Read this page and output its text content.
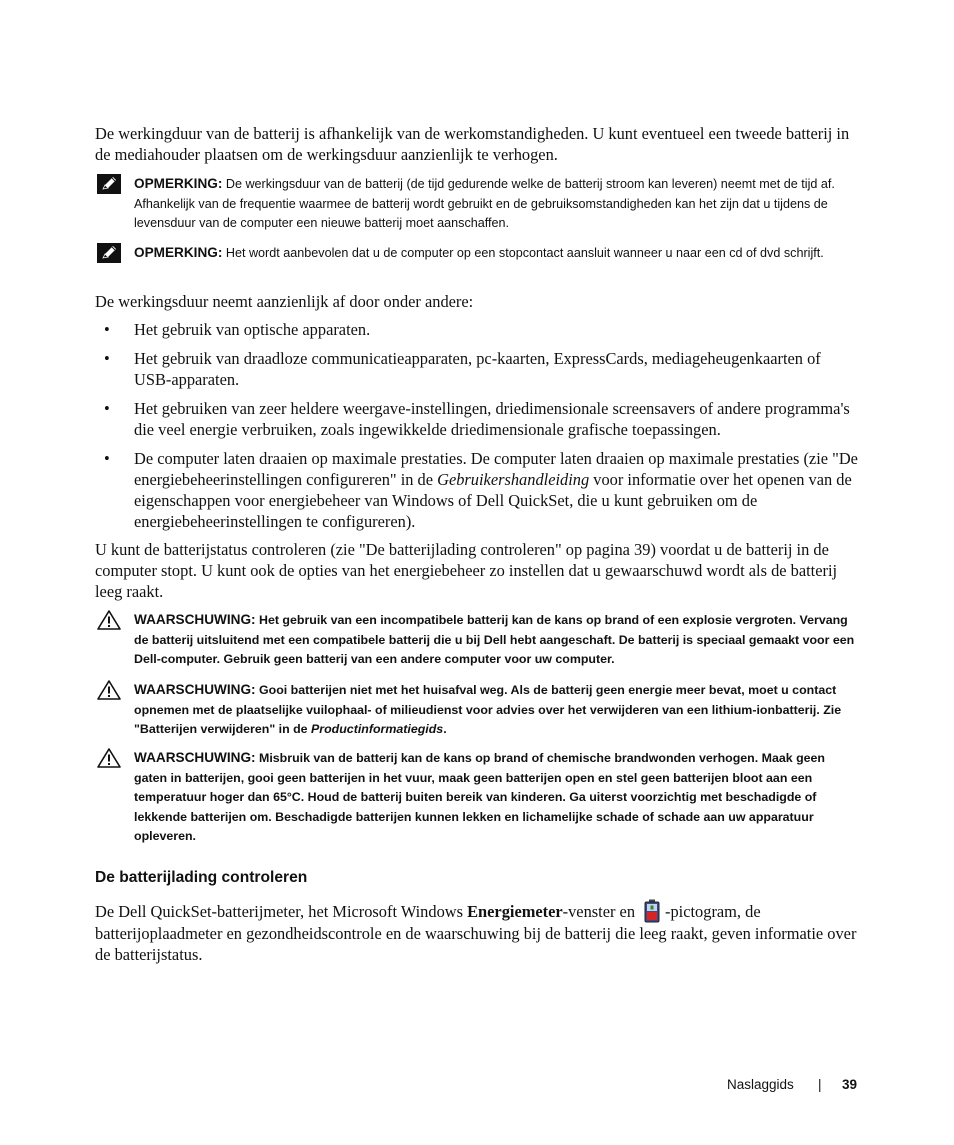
De werkingduur van de batterij is afhankelijk van de werkomstandigheden. U kunt eventueel een tweede batterij in de mediahouder plaatsen om de werkingsduur aanzienlijk te verhogen.

OPMERKING: De werkingsduur van de batterij (de tijd gedurende welke de batterij stroom kan leveren) neemt met de tijd af. Afhankelijk van de frequentie waarmee de batterij wordt gebruikt en de gebruiksomstandigheden kan het zijn dat u tijdens de levensduur van de computer een nieuwe batterij moet aanschaffen.
OPMERKING: Het wordt aanbevolen dat u de computer op een stopcontact aansluit wanneer u naar een cd of dvd schrijft.

De werkingsduur neemt aanzienlijk af door onder andere:

• Het gebruik van optische apparaten.
• Het gebruik van draadloze communicatieapparaten, pc-kaarten, ExpressCards, mediageheugenkaarten of USB-apparaten.
• Het gebruiken van zeer heldere weergave-instellingen, driedimensionale screensavers of andere programma's die veel energie verbruiken, zoals ingewikkelde driedimensionale grafische toepassingen.
• De computer laten draaien op maximale prestaties. De computer laten draaien op maximale prestaties (zie "De energiebeheerinstellingen configureren" in de Gebruikershandleiding voor informatie over het openen van de eigenschappen voor energiebeheer van Windows of Dell QuickSet, die u kunt gebruiken om de energiebeheerinstellingen te configureren).

U kunt de batterijstatus controleren (zie "De batterijlading controleren" op pagina 39) voordat u de batterij in de computer stopt. U kunt ook de opties van het energiebeheer zo instellen dat u gewaarschuwd wordt als de batterij leeg raakt.

WAARSCHUWING: Het gebruik van een incompatibele batterij kan de kans op brand of een explosie vergroten. Vervang de batterij uitsluitend met een compatibele batterij die u bij Dell hebt aangeschaft. De batterij is speciaal gemaakt voor een Dell-computer. Gebruik geen batterij van een andere computer voor uw computer.
WAARSCHUWING: Gooi batterijen niet met het huisafval weg. Als de batterij geen energie meer bevat, moet u contact opnemen met de plaatselijke vuilophaal- of milieudienst voor advies over het verwijderen van een lithium-ionbatterij. Zie "Batterijen verwijderen" in de Productinformatiegids.
WAARSCHUWING: Misbruik van de batterij kan de kans op brand of chemische brandwonden verhogen. Maak geen gaten in batterijen, gooi geen batterijen in het vuur, maak geen batterijen open en stel geen batterijen bloot aan een temperatuur hoger dan 65°C. Houd de batterij buiten bereik van kinderen. Ga uiterst voorzichtig met beschadigde of lekkende batterijen om. Beschadigde batterijen kunnen lekken en lichamelijke schade of schade aan uw apparatuur opleveren.
De batterijlading controleren

De Dell QuickSet-batterijmeter, het Microsoft Windows Energiemeter-venster en -pictogram, de batterijoplaadmeter en gezondheidscontrole en de waarschuwing bij de batterij die leeg raakt, geven informatie over de batterijstatus.

Naslaggids | 39
